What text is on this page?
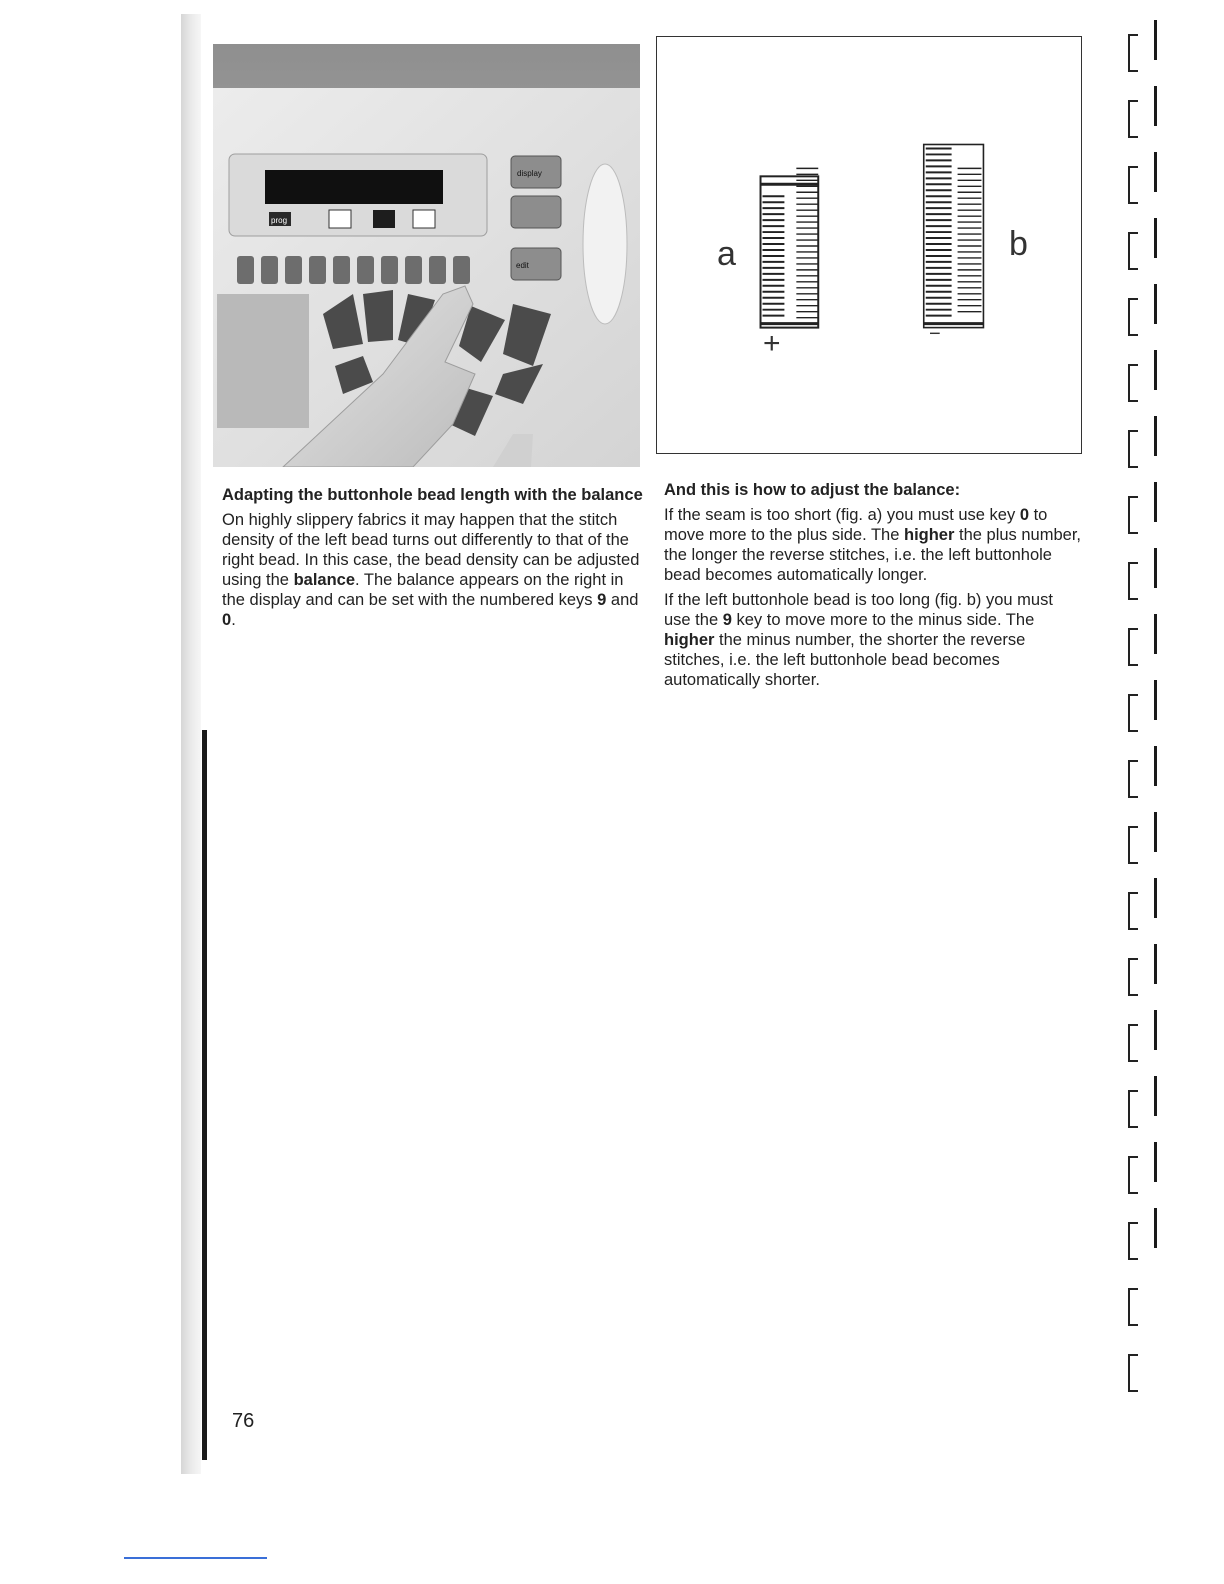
prog
display
edit	a	b
+	−

Adapting the buttonhole bead length with the balance

On highly slippery fabrics it may happen that the stitch density of the left bead turns out differently to that of the right bead. In this case, the bead density can be adjusted using the balance. The balance appears on the right in the display and can be set with the numbered keys 9 and 0.

And this is how to adjust the balance:

If the seam is too short (fig. a) you must use key 0 to move more to the plus side. The higher the plus number, the longer the reverse stitches, i.e. the left buttonhole bead becomes automatically longer.

If the left buttonhole bead is too long (fig. b) you must use the 9 key to move more to the minus side. The higher the minus number, the shorter the reverse stitches, i.e. the left buttonhole bead becomes automatically shorter.

76
